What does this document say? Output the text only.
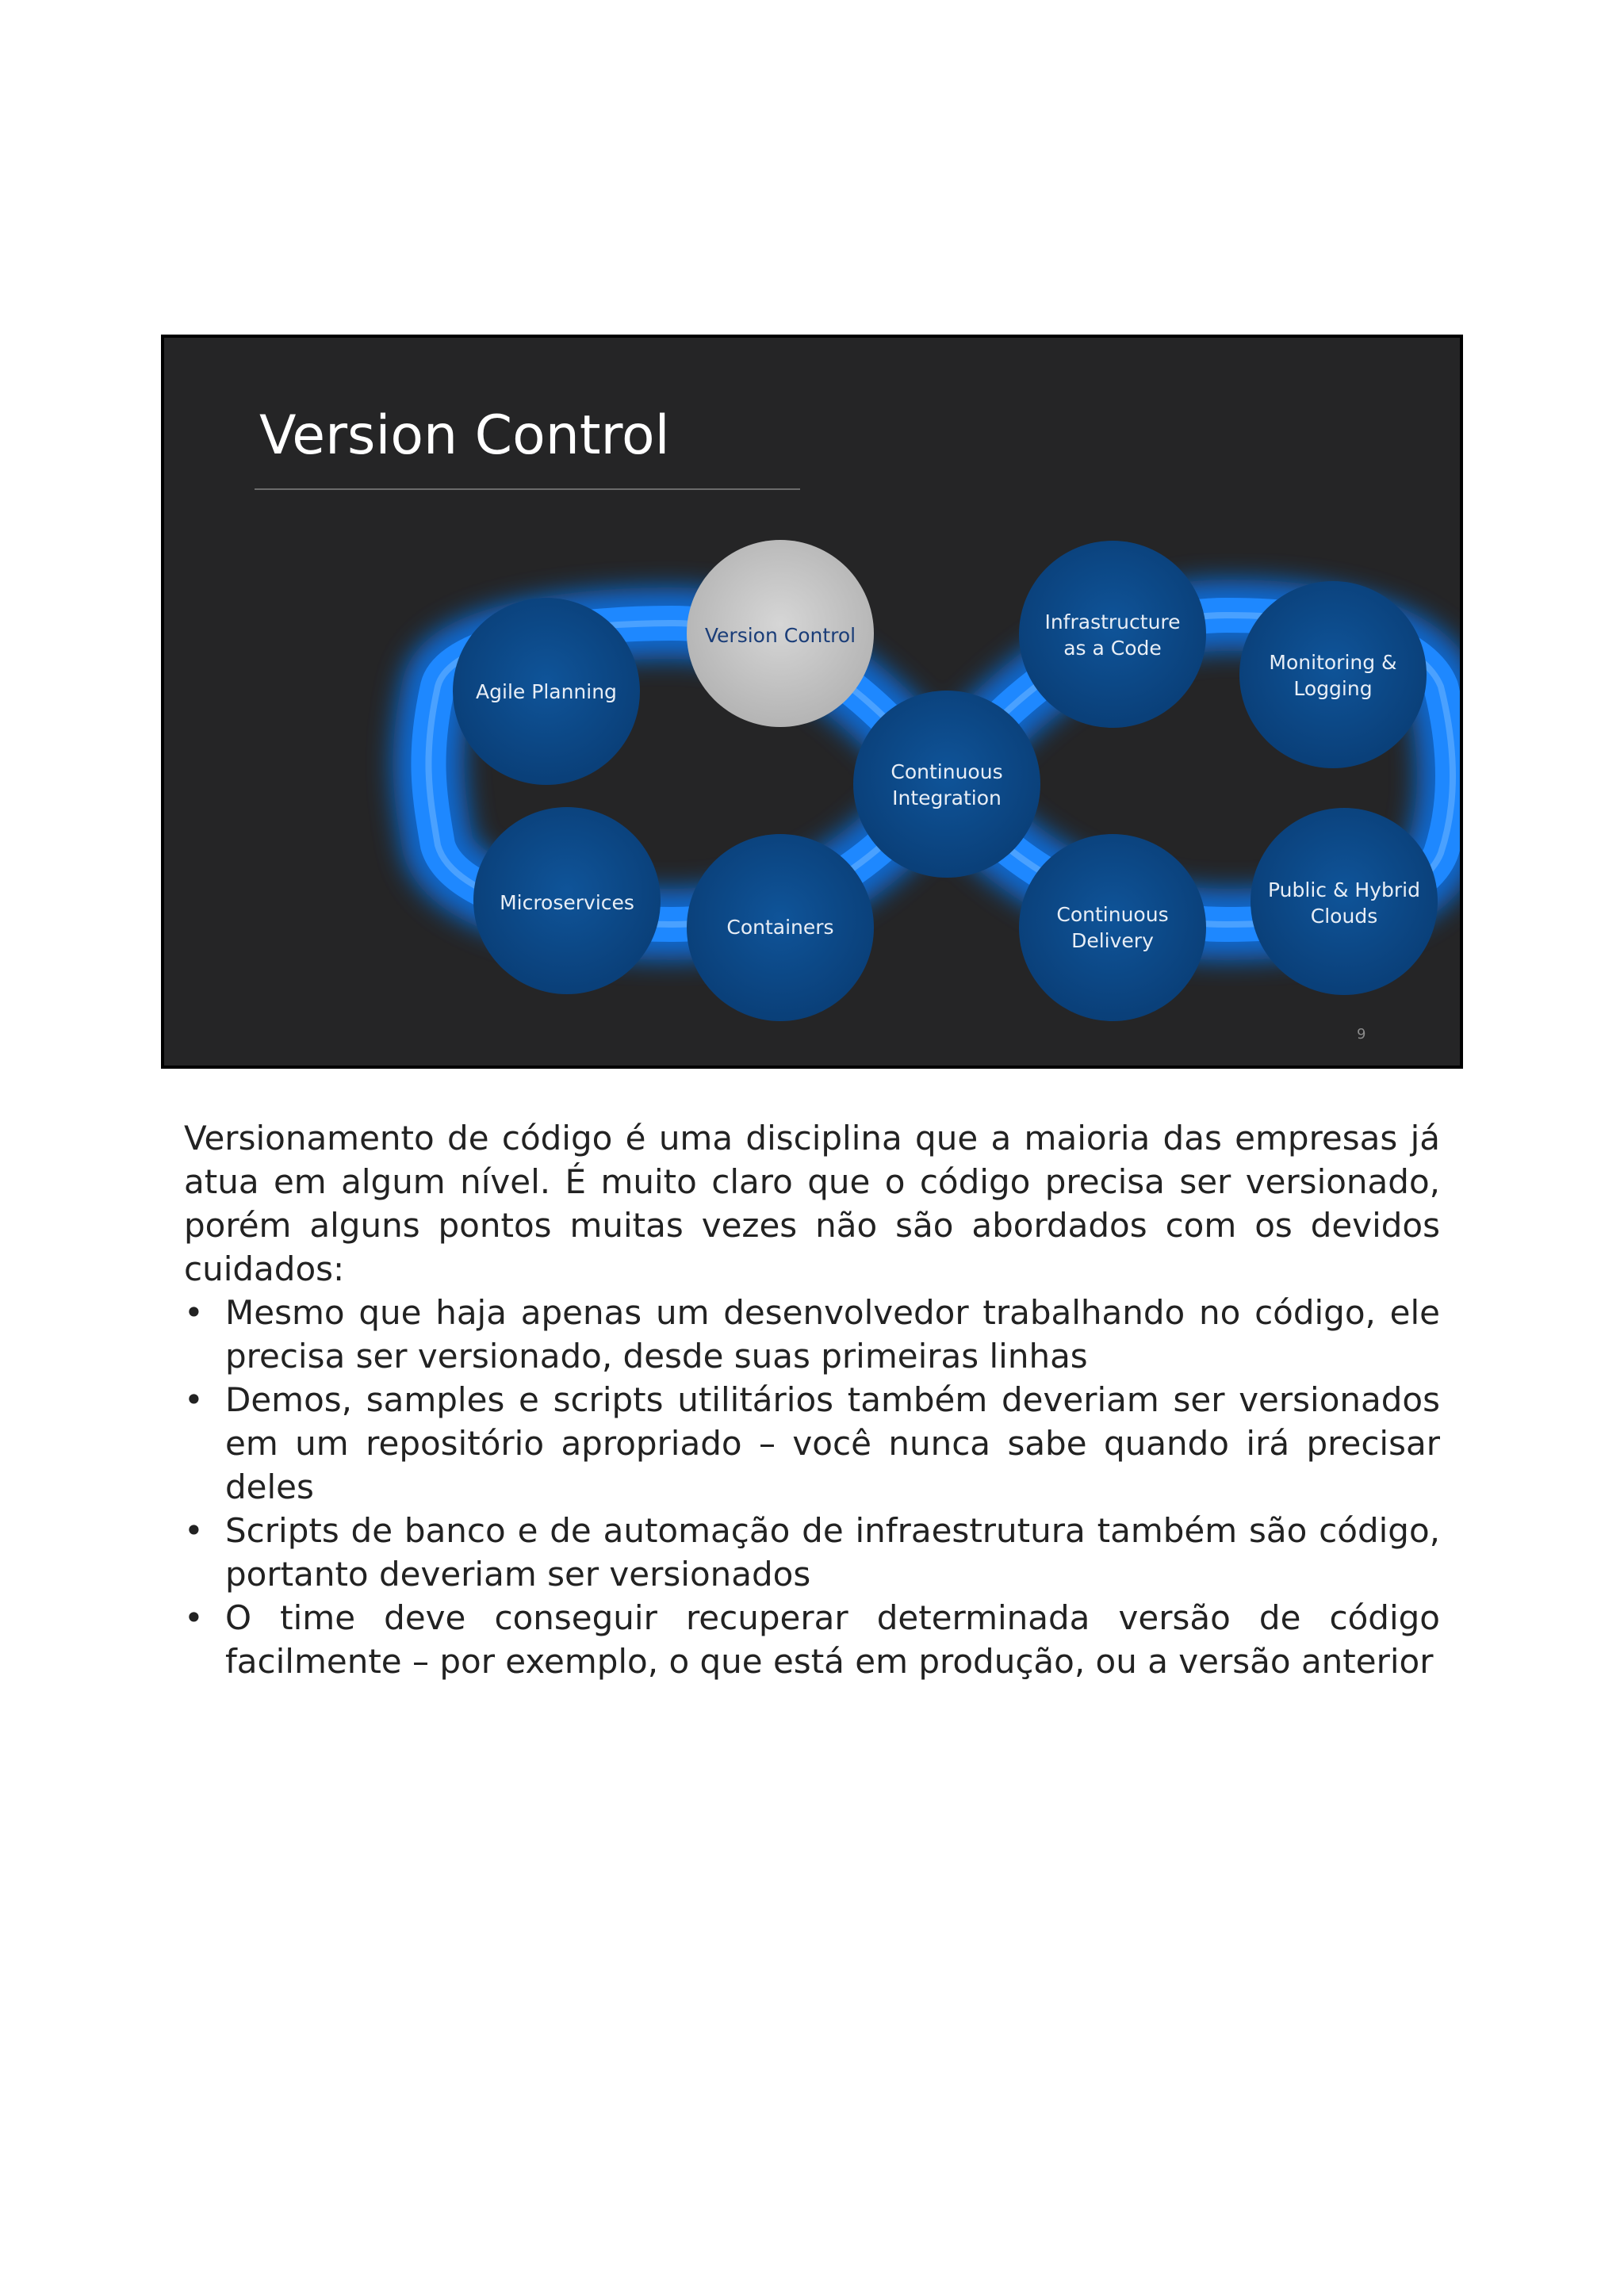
Version Control
Agile Planning
Version Control
Infrastructure
as a Code
Monitoring &
Logging
Continuous
Integration
Microservices
Containers
Continuous
Delivery
Public & Hybrid
Clouds
9

Versionamento de código é uma disciplina que a maioria das empresas já atua em algum nível. É muito claro que o código precisa ser versionado, porém alguns pontos muitas vezes não são abordados com os devidos cuidados:

• Mesmo que haja apenas um desenvolvedor trabalhando no código, ele precisa ser versionado, desde suas primeiras linhas
• Demos, samples e scripts utilitários também deveriam ser versionados em um repositório apropriado – você nunca sabe quando irá precisar deles
• Scripts de banco e de automação de infraestrutura também são código, portanto deveriam ser versionados
• O time deve conseguir recuperar determinada versão de código facilmente – por exemplo, o que está em produção, ou a versão anterior
